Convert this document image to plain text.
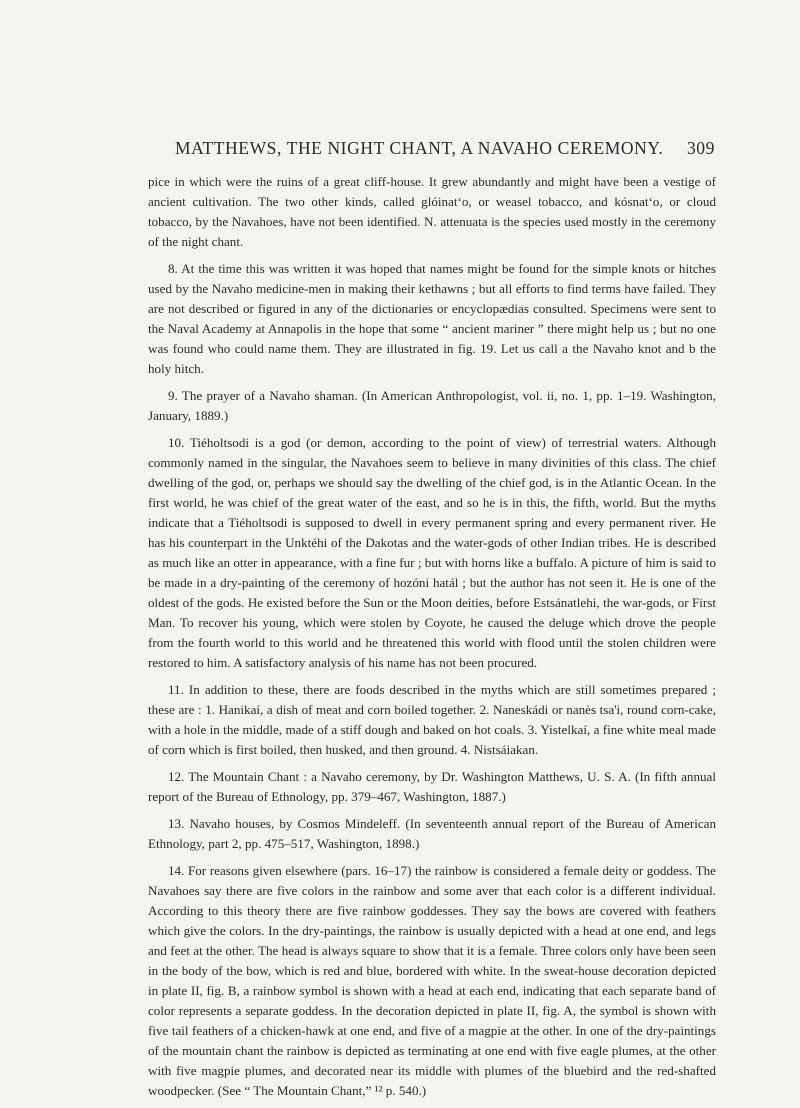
MATTHEWS, THE NIGHT CHANT, A NAVAHO CEREMONY. 309

pice in which were the ruins of a great cliff-house. It grew abundantly and might have been a vestige of ancient cultivation. The two other kinds, called glóinatʻo, or weasel tobacco, and kósnatʻo, or cloud tobacco, by the Navahoes, have not been identified. N. attenuata is the species used mostly in the ceremony of the night chant.

8. At the time this was written it was hoped that names might be found for the simple knots or hitches used by the Navaho medicine-men in making their kethawns ; but all efforts to find terms have failed. They are not described or figured in any of the dictionaries or encyclopædias consulted. Specimens were sent to the Naval Academy at Annapolis in the hope that some “ ancient mariner ” there might help us ; but no one was found who could name them. They are illustrated in fig. 19. Let us call a the Navaho knot and b the holy hitch.

9. The prayer of a Navaho shaman. (In American Anthropologist, vol. ii, no. 1, pp. 1–19. Washington, January, 1889.)

10. Tiéholtsodi is a god (or demon, according to the point of view) of terrestrial waters. Although commonly named in the singular, the Navahoes seem to believe in many divinities of this class. The chief dwelling of the god, or, perhaps we should say the dwelling of the chief god, is in the Atlantic Ocean. In the first world, he was chief of the great water of the east, and so he is in this, the fifth, world. But the myths indicate that a Tiéholtsodi is supposed to dwell in every permanent spring and every permanent river. He has his counterpart in the Unktéhi of the Dakotas and the water-gods of other Indian tribes. He is described as much like an otter in appearance, with a fine fur ; but with horns like a buffalo. A picture of him is said to be made in a dry-painting of the ceremony of hozóni hatál ; but the author has not seen it. He is one of the oldest of the gods. He existed before the Sun or the Moon deities, before Estsánatlehi, the war-gods, or First Man. To recover his young, which were stolen by Coyote, he caused the deluge which drove the people from the fourth world to this world and he threatened this world with flood until the stolen children were restored to him. A satisfactory analysis of his name has not been procured.

11. In addition to these, there are foods described in the myths which are still sometimes prepared ; these are : 1. Hanikaí, a dish of meat and corn boiled together. 2. Naneskádi or nanès tsa'i, round corn-cake, with a hole in the middle, made of a stiff dough and baked on hot coals. 3. Yistelkaí, a fine white meal made of corn which is first boiled, then husked, and then ground. 4. Nistsáiakan.

12. The Mountain Chant : a Navaho ceremony, by Dr. Washington Matthews, U. S. A. (In fifth annual report of the Bureau of Ethnology, pp. 379–467, Washington, 1887.)

13. Navaho houses, by Cosmos Mindeleff. (In seventeenth annual report of the Bureau of American Ethnology, part 2, pp. 475–517, Washington, 1898.)

14. For reasons given elsewhere (pars. 16–17) the rainbow is considered a female deity or goddess. The Navahoes say there are five colors in the rainbow and some aver that each color is a different individual. According to this theory there are five rainbow goddesses. They say the bows are covered with feathers which give the colors. In the dry-paintings, the rainbow is usually depicted with a head at one end, and legs and feet at the other. The head is always square to show that it is a female. Three colors only have been seen in the body of the bow, which is red and blue, bordered with white. In the sweat-house decoration depicted in plate II, fig. B, a rainbow symbol is shown with a head at each end, indicating that each separate band of color represents a separate goddess. In the decoration depicted in plate II, fig. A, the symbol is shown with five tail feathers of a chicken-hawk at one end, and five of a magpie at the other. In one of the dry-paintings of the mountain chant the rainbow is depicted as terminating at one end with five eagle plumes, at the other with five magpie plumes, and decorated near its middle with plumes of the bluebird and the red-shafted woodpecker. (See “ The Mountain Chant,” ¹² p. 540.)
